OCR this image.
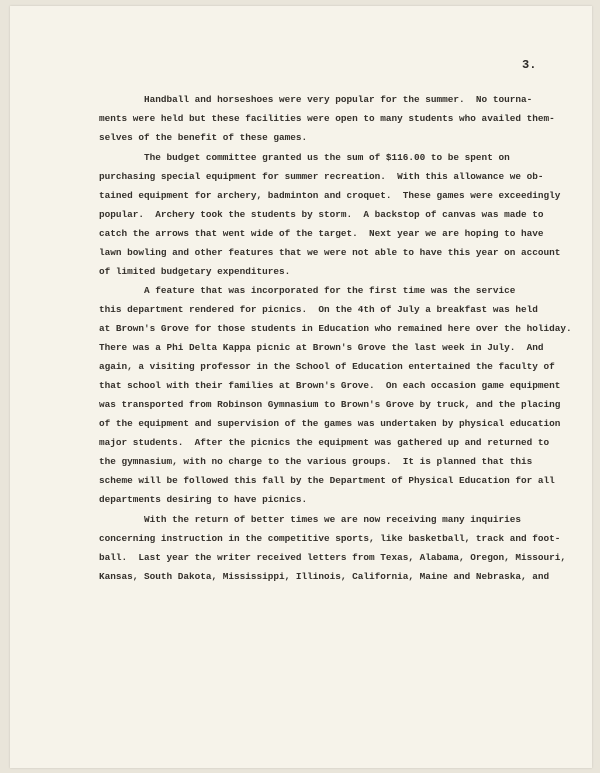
3.
Handball and horseshoes were very popular for the summer.  No tourna-
ments were held but these facilities were open to many students who availed them-
selves of the benefit of these games.
The budget committee granted us the sum of $116.00 to be spent on
purchasing special equipment for summer recreation.  With this allowance we ob-
tained equipment for archery, badminton and croquet.  These games were exceedingly
popular.  Archery took the students by storm.  A backstop of canvas was made to
catch the arrows that went wide of the target.  Next year we are hoping to have
lawn bowling and other features that we were not able to have this year on account
of limited budgetary expenditures.
A feature that was incorporated for the first time was the service
this department rendered for picnics.  On the 4th of July a breakfast was held
at Brown's Grove for those students in Education who remained here over the holiday.
There was a Phi Delta Kappa picnic at Brown's Grove the last week in July.  And
again, a visiting professor in the School of Education entertained the faculty of
that school with their families at Brown's Grove.  On each occasion game equipment
was transported from Robinson Gymnasium to Brown's Grove by truck, and the placing
of the equipment and supervision of the games was undertaken by physical education
major students.  After the picnics the equipment was gathered up and returned to
the gymnasium, with no charge to the various groups.  It is planned that this
scheme will be followed this fall by the Department of Physical Education for all
departments desiring to have picnics.
With the return of better times we are now receiving many inquiries
concerning instruction in the competitive sports, like basketball, track and foot-
ball.  Last year the writer received letters from Texas, Alabama, Oregon, Missouri,
Kansas, South Dakota, Mississippi, Illinois, California, Maine and Nebraska, and
